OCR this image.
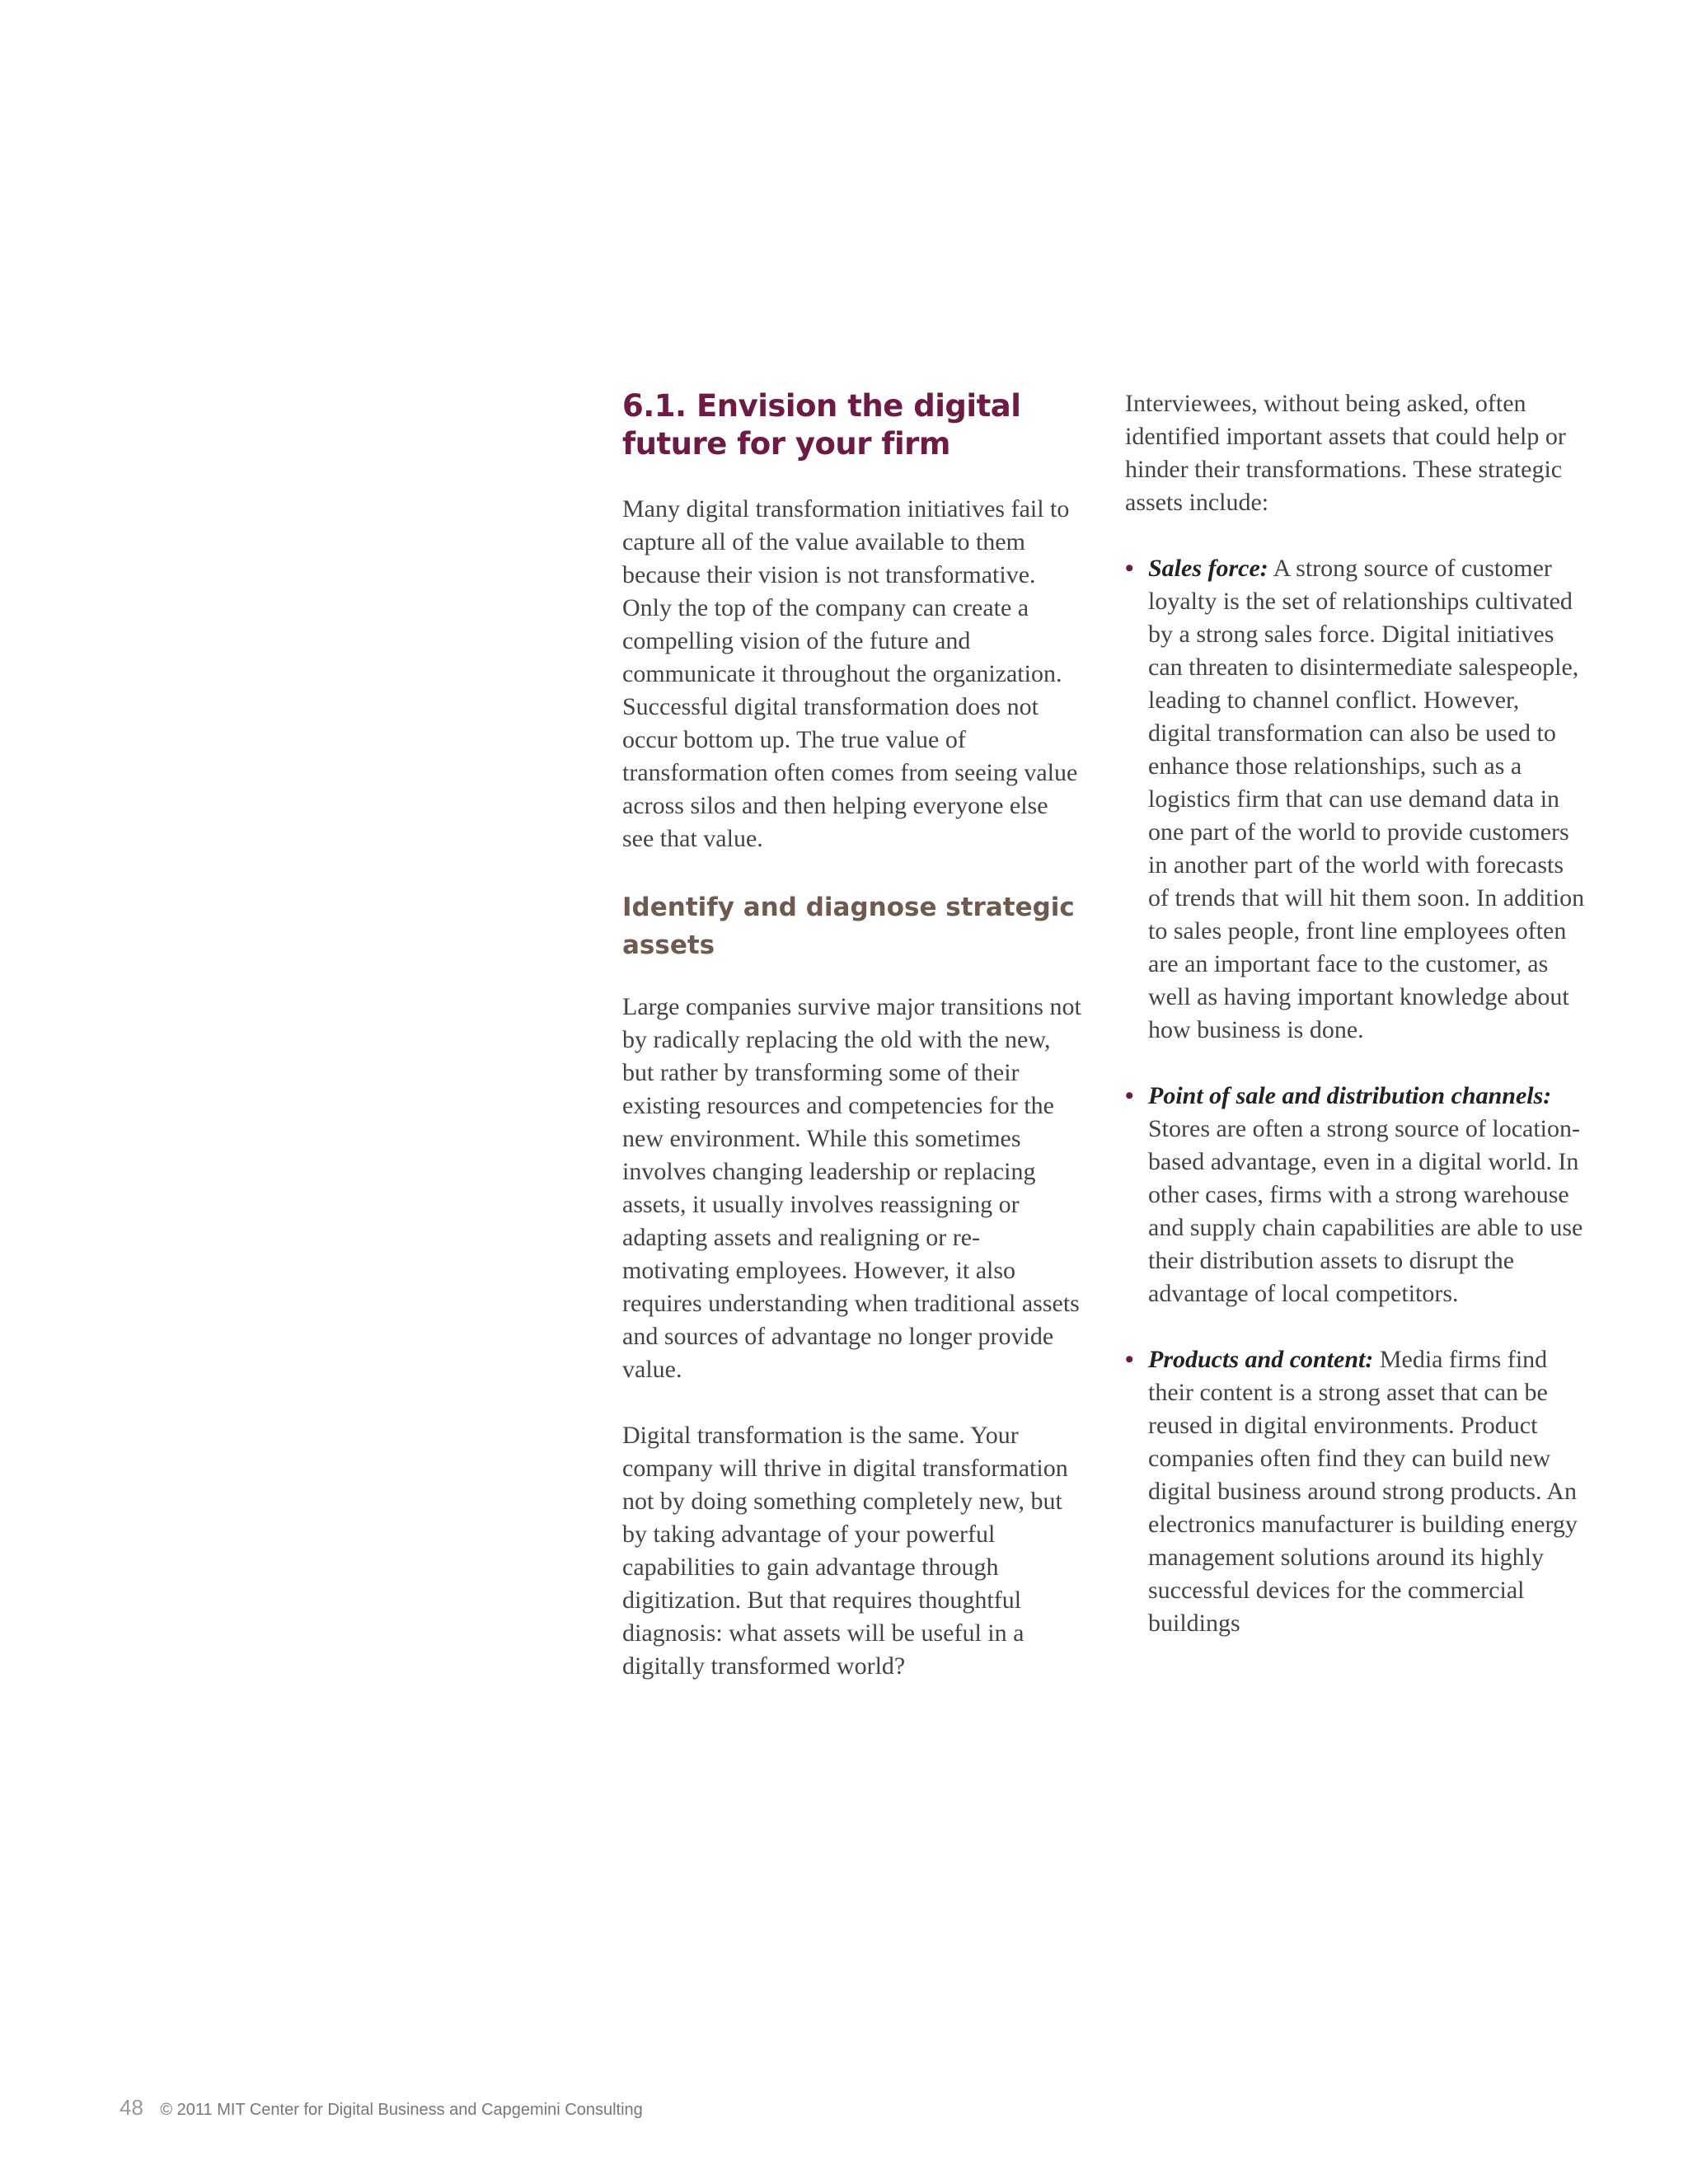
6.1. Envision the digital future for your firm

Many digital transformation initiatives fail to capture all of the value available to them because their vision is not transformative. Only the top of the company can create a compelling vision of the future and communicate it throughout the organization. Successful digital transformation does not occur bottom up. The true value of transformation often comes from seeing value across silos and then helping everyone else see that value.

Identify and diagnose strategic assets

Large companies survive major transitions not by radically replacing the old with the new, but rather by transforming some of their existing resources and competencies for the new environment. While this sometimes involves changing leadership or replacing assets, it usually involves reassigning or adapting assets and realigning or re-motivating employees. However, it also requires understanding when traditional assets and sources of advantage no longer provide value.

Digital transformation is the same. Your company will thrive in digital transformation not by doing something completely new, but by taking advantage of your powerful capabilities to gain advantage through digitization. But that requires thoughtful diagnosis: what assets will be useful in a digitally transformed world?

Interviewees, without being asked, often identified important assets that could help or hinder their transformations. These strategic assets include:

• Sales force: A strong source of customer loyalty is the set of relationships cultivated by a strong sales force. Digital initiatives can threaten to disintermediate salespeople, leading to channel conflict. However, digital transformation can also be used to enhance those relationships, such as a logistics firm that can use demand data in one part of the world to provide customers in another part of the world with forecasts of trends that will hit them soon. In addition to sales people, front line employees often are an important face to the customer, as well as having important knowledge about how business is done.
• Point of sale and distribution channels: Stores are often a strong source of location-based advantage, even in a digital world. In other cases, firms with a strong warehouse and supply chain capabilities are able to use their distribution assets to disrupt the advantage of local competitors.
• Products and content: Media firms find their content is a strong asset that can be reused in digital environments. Product companies often find they can build new digital business around strong products. An electronics manufacturer is building energy management solutions around its highly successful devices for the commercial buildings
48 © 2011 MIT Center for Digital Business and Capgemini Consulting
